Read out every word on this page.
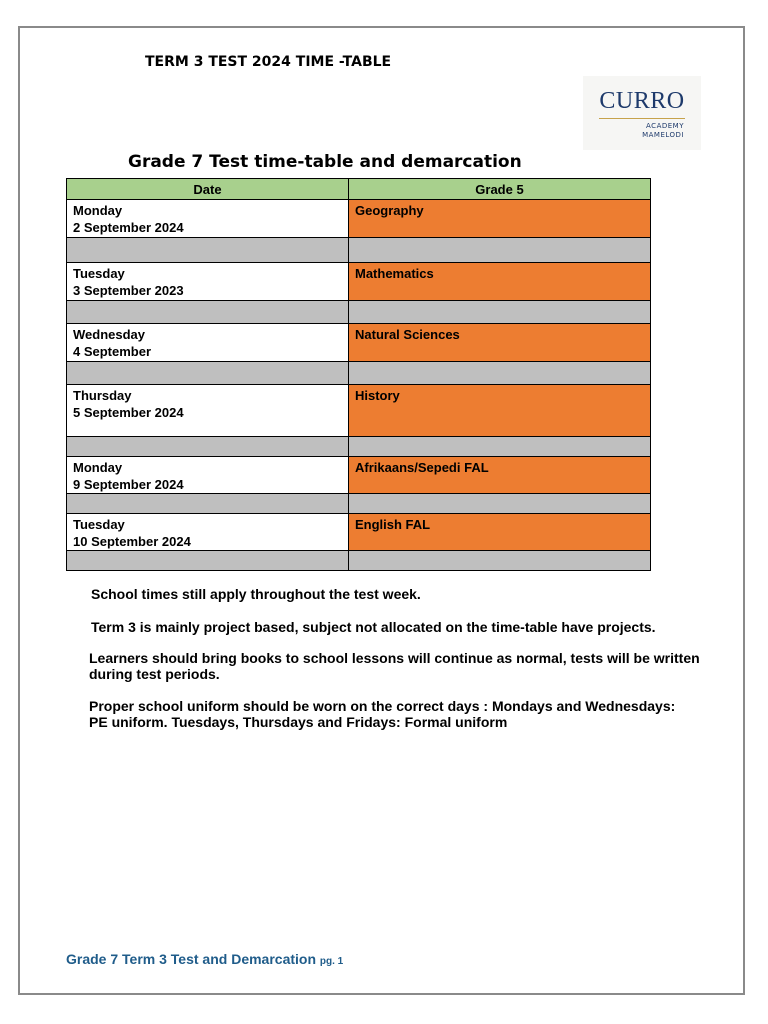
TERM 3 TEST 2024 TIME -TABLE
CURRO
ACADEMY
MAMELODI
Grade 7 Test time-table and demarcation
Date	Grade 5

Monday
2 September 2024	Geography

Tuesday
3 September 2023	Mathematics

Wednesday
4 September	Natural Sciences

Thursday
5 September 2024	History

Monday
9 September 2024	Afrikaans/Sepedi FAL

Tuesday
10 September 2024	English FAL

School times still apply throughout the test week.

Term 3 is mainly project based, subject not allocated on the time-table have projects.

Learners should bring books to school lessons will continue as normal, tests will be written during test periods.

Proper school uniform should be worn on the correct days : Mondays and Wednesdays: PE uniform. Tuesdays, Thursdays and Fridays: Formal uniform

Grade 7 Term 3 Test and Demarcation pg. 1
